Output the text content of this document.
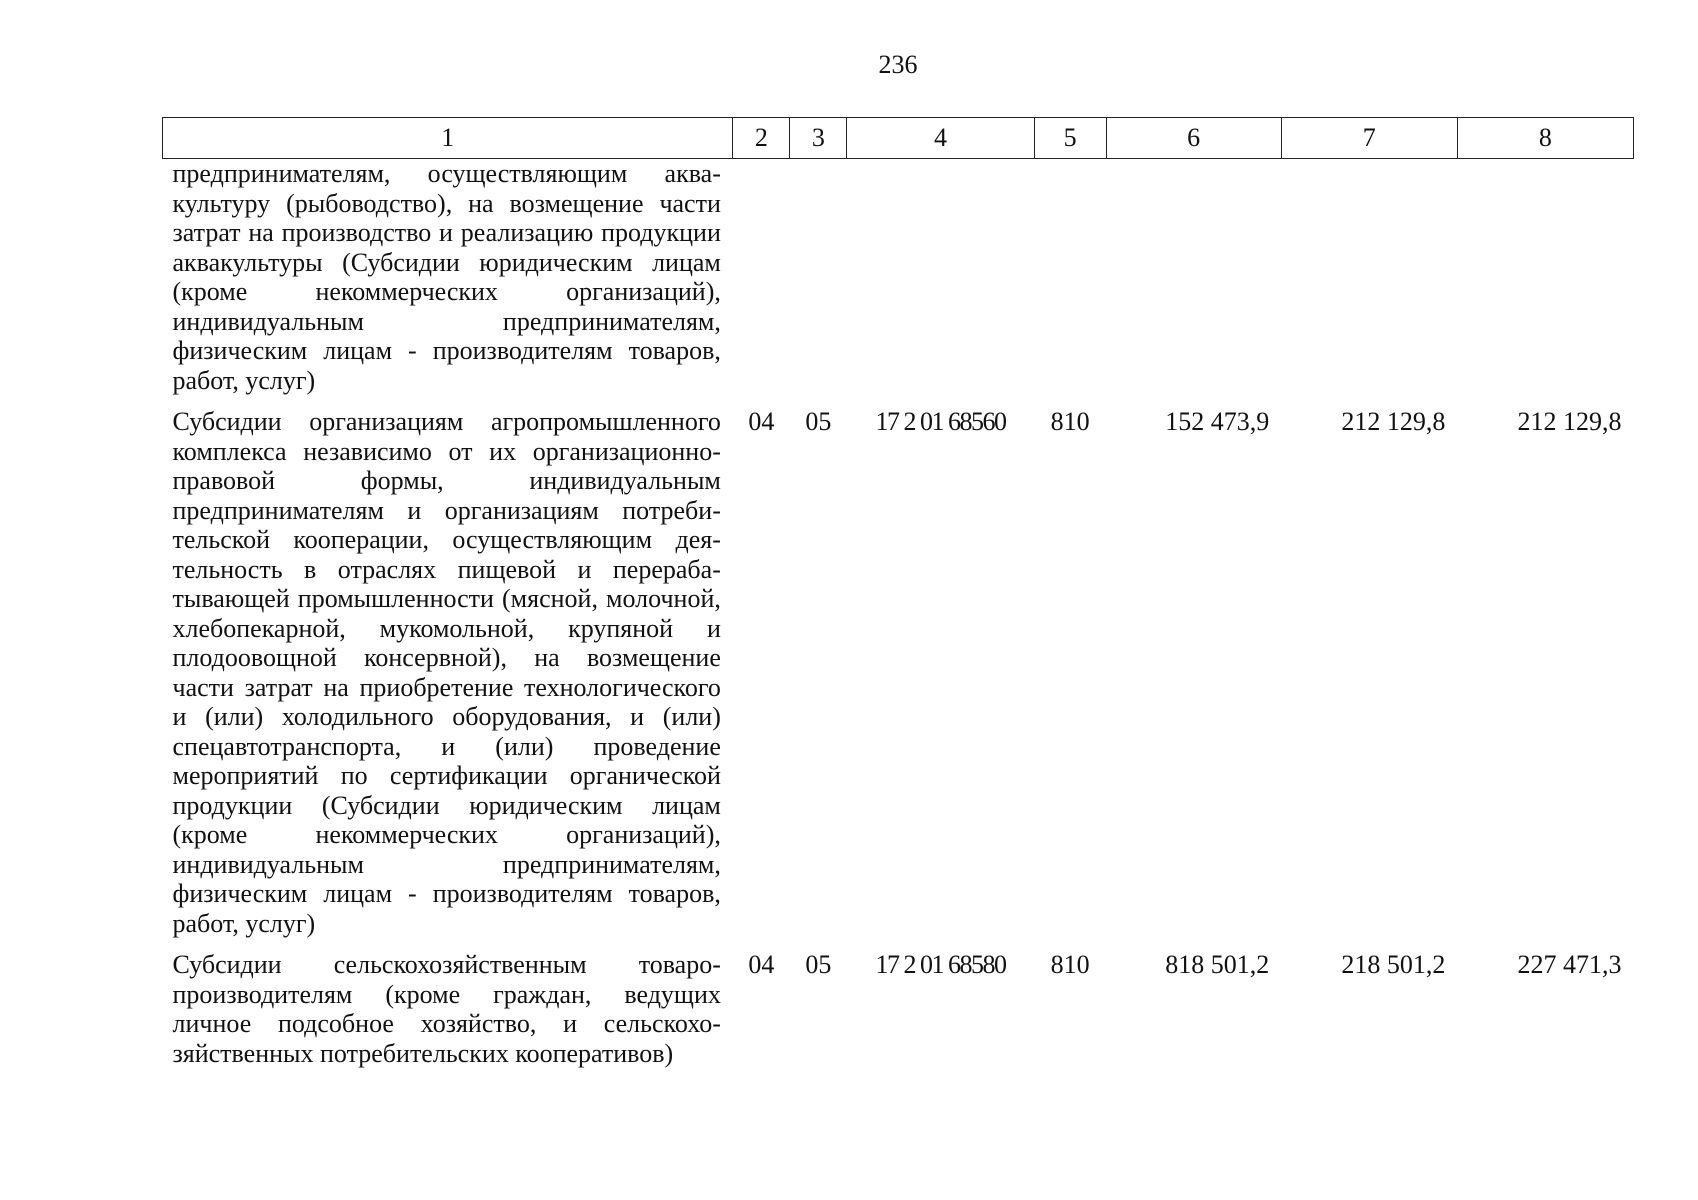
236
1	2	3	4	5	6	7	8
предпринимателям, осуществляющим аквакультуру (рыбоводство), на возмещение части затрат на производство и реализацию продукции аквакультуры (Субсидии юридическим лицам (кроме некоммерческих организаций), индивидуальным предпринимателям, физическим лицам - производителям товаров, работ, услуг)							
Субсидии организациям агропромышленного комплекса независимо от их организационно-правовой формы, индивидуальным предпринимателям и организациям потребительской кооперации, осуществляющим деятельность в отраслях пищевой и перерабатывающей промышленности (мясной, молочной, хлебопекарной, мукомольной, крупяной и плодоовощной консервной), на возмещение части затрат на приобретение технологического и (или) холодильного оборудования, и (или) спецавтотранспорта, и (или) проведение мероприятий по сертификации органической продукции (Субсидии юридическим лицам (кроме некоммерческих организаций), индивидуальным предпринимателям, физическим лицам - производителям товаров, работ, услуг)	04	05	17 2 01 68560	810	152 473,9	212 129,8	212 129,8
Субсидии сельскохозяйственным товаропроизводителям (кроме граждан, ведущих личное подсобное хозяйство, и сельскохозяйственных потребительских кооперативов)	04	05	17 2 01 68580	810	818 501,2	218 501,2	227 471,3
